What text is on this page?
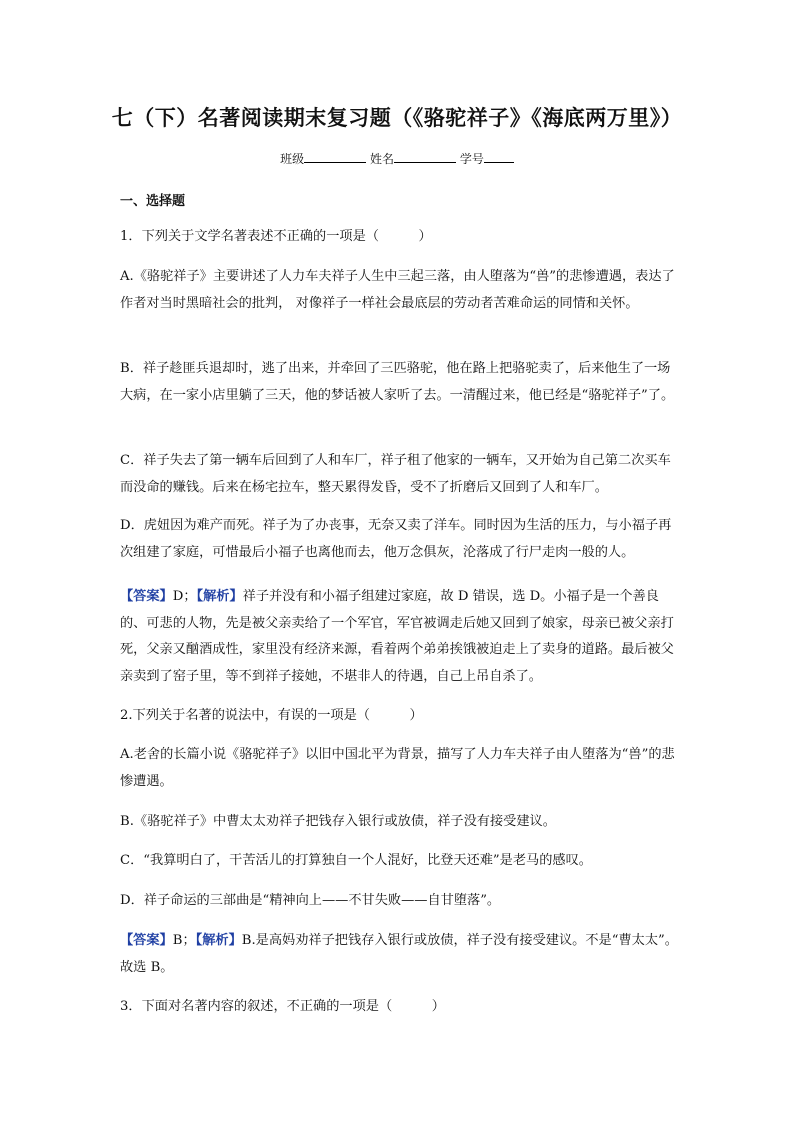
七（下）名著阅读期末复习题（《骆驼祥子》《海底两万里》）
班级	姓名	学号
一、选择题

1．下列关于文学名著表述不正确的一项是（　　　）

A.《骆驼祥子》主要讲述了人力车夫祥子人生中三起三落，由人堕落为“兽”的悲惨遭遇，表达了作者对当时黑暗社会的批判， 对像祥子一样社会最底层的劳动者苦难命运的同情和关怀。

B．祥子趁匪兵退却时，逃了出来，并牵回了三匹骆驼，他在路上把骆驼卖了，后来他生了一场大病，在一家小店里躺了三天，他的梦话被人家听了去。一清醒过来，他已经是“骆驼祥子”了。

C．祥子失去了第一辆车后回到了人和车厂，祥子租了他家的一辆车，又开始为自己第二次买车而没命的赚钱。后来在杨宅拉车，整天累得发昏，受不了折磨后又回到了人和车厂。

D．虎妞因为难产而死。祥子为了办丧事，无奈又卖了洋车。同时因为生活的压力，与小福子再次组建了家庭，可惜最后小福子也离他而去，他万念俱灰，沦落成了行尸走肉一般的人。

【答案】D；【解析】祥子并没有和小福子组建过家庭，故 D 错误，选 D。小福子是一个善良的、可悲的人物，先是被父亲卖给了一个军官，军官被调走后她又回到了娘家，母亲已被父亲打死，父亲又酗酒成性，家里没有经济来源，看着两个弟弟挨饿被迫走上了卖身的道路。最后被父亲卖到了窑子里，等不到祥子接她，不堪非人的待遇，自己上吊自杀了。

2.下列关于名著的说法中，有误的一项是（　　　）

A.老舍的长篇小说《骆驼祥子》以旧中国北平为背景，描写了人力车夫祥子由人堕落为“兽”的悲惨遭遇。

B.《骆驼祥子》中曹太太劝祥子把钱存入银行或放债，祥子没有接受建议。

C．“我算明白了，干苦活儿的打算独自一个人混好，比登天还难”是老马的感叹。

D．祥子命运的三部曲是“精神向上——不甘失败——自甘堕落”。

【答案】B；【解析】B.是高妈劝祥子把钱存入银行或放债，祥子没有接受建议。不是“曹太太”。故选 B。

3．下面对名著内容的叙述，不正确的一项是（　　　）
